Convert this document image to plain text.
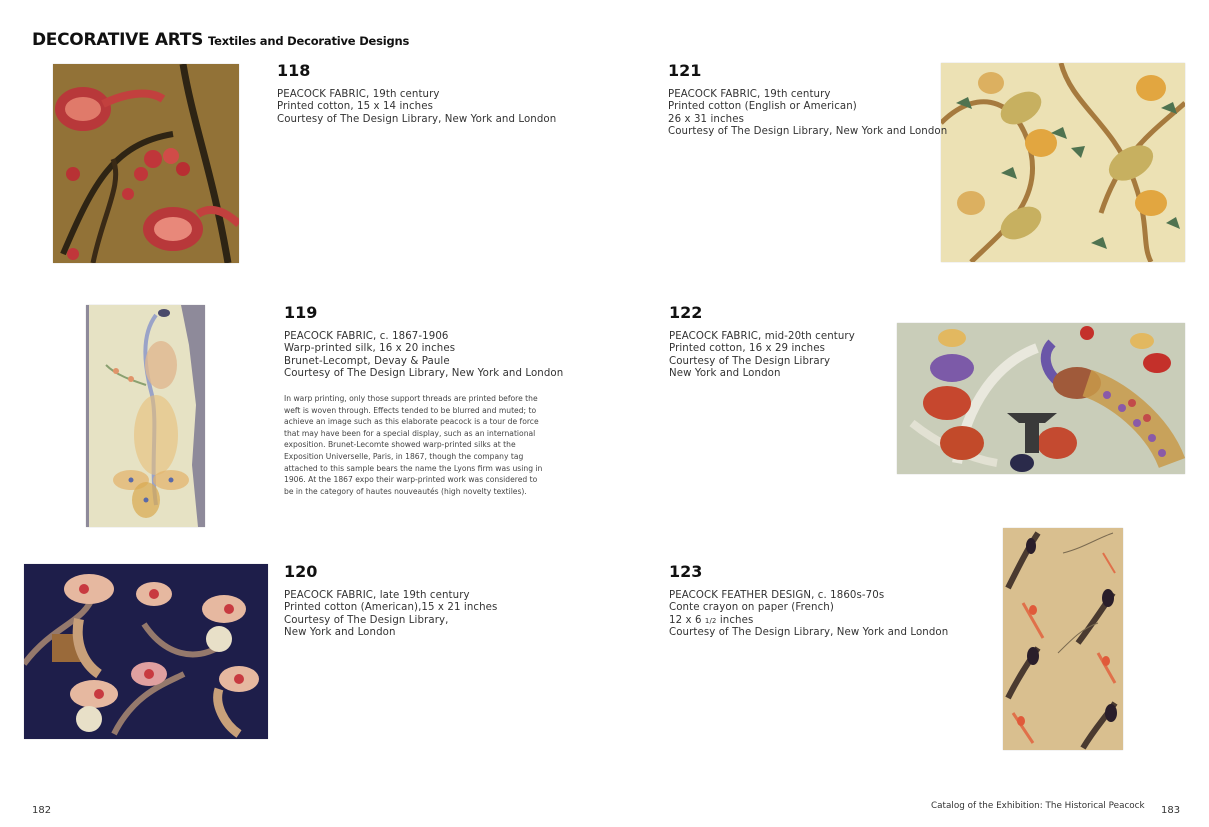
DECORATIVE ARTS Textiles and Decorative Designs
118
PEACOCK FABRIC, 19th century
Printed cotton, 15 x 14 inches
Courtesy of The Design Library, New York and London
121
PEACOCK FABRIC, 19th century
Printed cotton (English or American)
26 x 31 inches
Courtesy of The Design Library, New York and London
119
PEACOCK FABRIC, c. 1867-1906
Warp-printed silk, 16 x 20 inches
Brunet-Lecompt, Devay & Paule
Courtesy of The Design Library, New York and London
In warp printing, only those support threads are printed before the weft is woven through. Effects tended to be blurred and muted; to achieve an image such as this elaborate peacock is a tour de force that may have been for a special display, such as an international exposition. Brunet-Lecomte showed warp-printed silks at the Exposition Universelle, Paris, in 1867, though the company tag attached to this sample bears the name the Lyons firm was using in 1906. At the 1867 expo their warp-printed work was considered to be in the category of hautes nouveautés (high novelty textiles).
122
PEACOCK FABRIC, mid-20th century
Printed cotton, 16 x 29 inches
Courtesy of The Design Library
New York and London
120
PEACOCK FABRIC, late 19th century
Printed cotton (American),15 x 21 inches
Courtesy of The Design Library,
New York and London
123
PEACOCK FEATHER DESIGN, c. 1860s-70s
Conte crayon on paper (French)
12 x 6 1/2 inches
Courtesy of The Design Library, New York and London
182	Catalog of the Exhibition: The Historical Peacock 183
